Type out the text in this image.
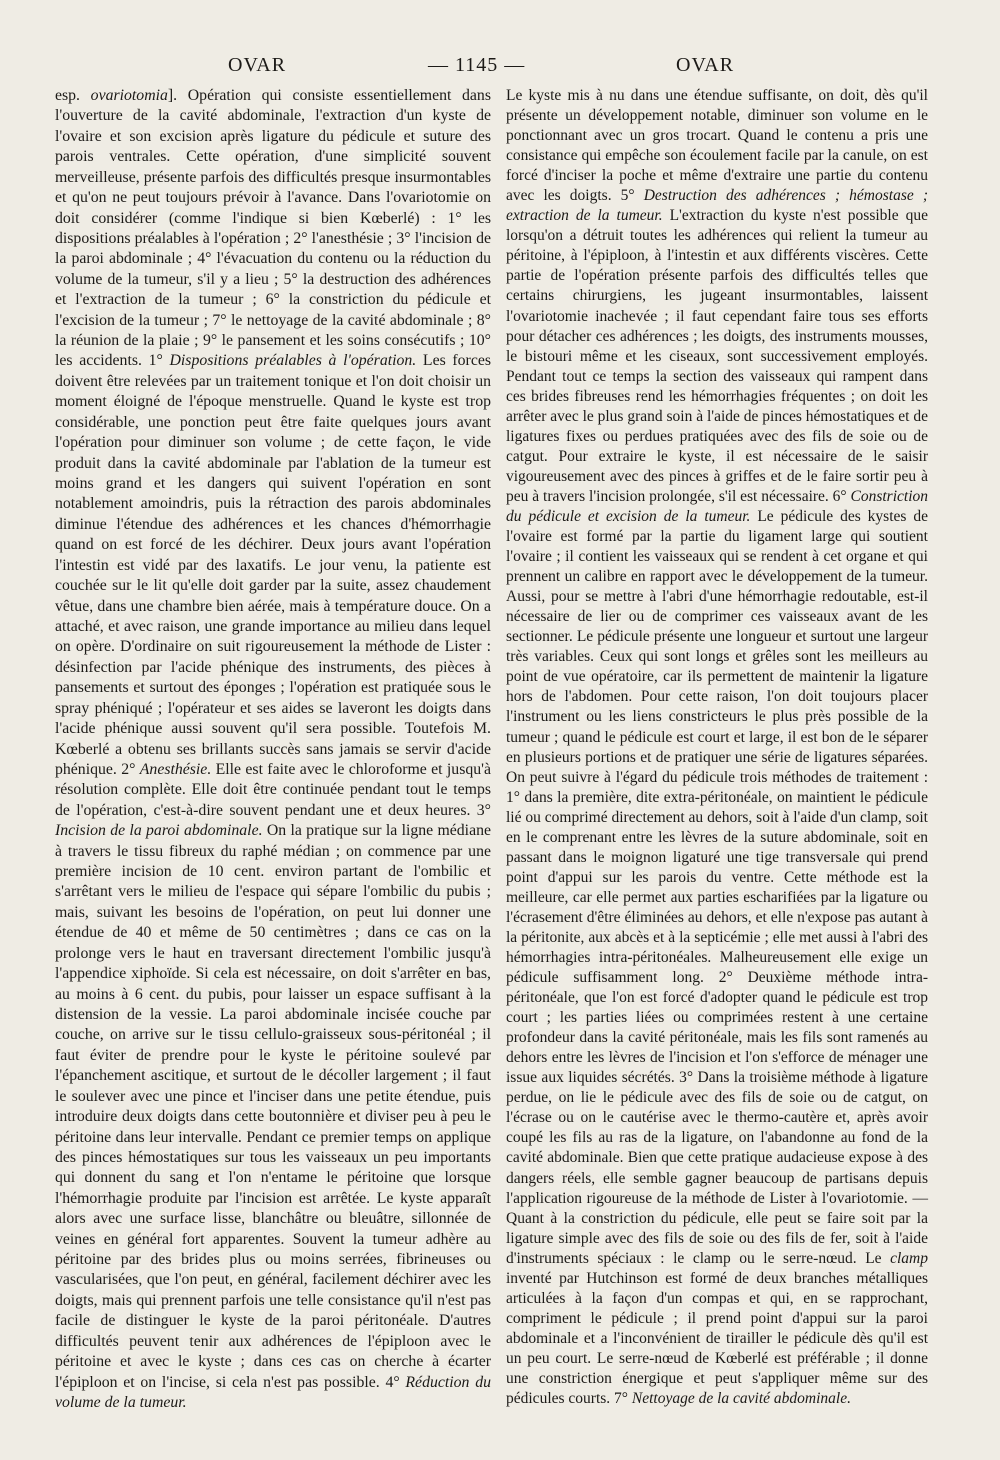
OVAR	— 1145 —	OVAR

esp. ovariotomia]. Opération qui consiste essentiellement dans l'ouverture de la cavité abdominale, l'extraction d'un kyste de l'ovaire et son excision après ligature du pédicule et suture des parois ventrales. Cette opération, d'une simplicité souvent merveilleuse, présente parfois des difficultés presque insurmontables et qu'on ne peut toujours prévoir à l'avance. Dans l'ovariotomie on doit considérer (comme l'indique si bien Kœberlé) : 1° les dispositions préalables à l'opération ; 2° l'anesthésie ; 3° l'incision de la paroi abdominale ; 4° l'évacuation du contenu ou la réduction du volume de la tumeur, s'il y a lieu ; 5° la destruction des adhérences et l'extraction de la tumeur ; 6° la constriction du pédicule et l'excision de la tumeur ; 7° le nettoyage de la cavité abdominale ; 8° la réunion de la plaie ; 9° le pansement et les soins consécutifs ; 10° les accidents. 1° Dispositions préalables à l'opération. Les forces doivent être relevées par un traitement tonique et l'on doit choisir un moment éloigné de l'époque menstruelle. Quand le kyste est trop considérable, une ponction peut être faite quelques jours avant l'opération pour diminuer son volume ; de cette façon, le vide produit dans la cavité abdominale par l'ablation de la tumeur est moins grand et les dangers qui suivent l'opération en sont notablement amoindris, puis la rétraction des parois abdominales diminue l'étendue des adhérences et les chances d'hémorrhagie quand on est forcé de les déchirer. Deux jours avant l'opération l'intestin est vidé par des laxatifs. Le jour venu, la patiente est couchée sur le lit qu'elle doit garder par la suite, assez chaudement vêtue, dans une chambre bien aérée, mais à température douce. On a attaché, et avec raison, une grande importance au milieu dans lequel on opère. D'ordinaire on suit rigoureusement la méthode de Lister : désinfection par l'acide phénique des instruments, des pièces à pansements et surtout des éponges ; l'opération est pratiquée sous le spray phéniqué ; l'opérateur et ses aides se laveront les doigts dans l'acide phénique aussi souvent qu'il sera possible. Toutefois M. Kœberlé a obtenu ses brillants succès sans jamais se servir d'acide phénique. 2° Anesthésie. Elle est faite avec le chloroforme et jusqu'à résolution complète. Elle doit être continuée pendant tout le temps de l'opération, c'est-à-dire souvent pendant une et deux heures. 3° Incision de la paroi abdominale. On la pratique sur la ligne médiane à travers le tissu fibreux du raphé médian ; on commence par une première incision de 10 cent. environ partant de l'ombilic et s'arrêtant vers le milieu de l'espace qui sépare l'ombilic du pubis ; mais, suivant les besoins de l'opération, on peut lui donner une étendue de 40 et même de 50 centimètres ; dans ce cas on la prolonge vers le haut en traversant directement l'ombilic jusqu'à l'appendice xiphoïde. Si cela est nécessaire, on doit s'arrêter en bas, au moins à 6 cent. du pubis, pour laisser un espace suffisant à la distension de la vessie. La paroi abdominale incisée couche par couche, on arrive sur le tissu cellulo-graisseux sous-péritonéal ; il faut éviter de prendre pour le kyste le péritoine soulevé par l'épanchement ascitique, et surtout de le décoller largement ; il faut le soulever avec une pince et l'inciser dans une petite étendue, puis introduire deux doigts dans cette boutonnière et diviser peu à peu le péritoine dans leur intervalle. Pendant ce premier temps on applique des pinces hémostatiques sur tous les vaisseaux un peu importants qui donnent du sang et l'on n'entame le péritoine que lorsque l'hémorrhagie produite par l'incision est arrêtée. Le kyste apparaît alors avec une surface lisse, blanchâtre ou bleuâtre, sillonnée de veines en général fort apparentes. Souvent la tumeur adhère au péritoine par des brides plus ou moins serrées, fibrineuses ou vascularisées, que l'on peut, en général, facilement déchirer avec les doigts, mais qui prennent parfois une telle consistance qu'il n'est pas facile de distinguer le kyste de la paroi péritonéale. D'autres difficultés peuvent tenir aux adhérences de l'épiploon avec le péritoine et avec le kyste ; dans ces cas on cherche à écarter l'épiploon et on l'incise, si cela n'est pas possible. 4° Réduction du volume de la tumeur.

Le kyste mis à nu dans une étendue suffisante, on doit, dès qu'il présente un développement notable, diminuer son volume en le ponctionnant avec un gros trocart. Quand le contenu a pris une consistance qui empêche son écoulement facile par la canule, on est forcé d'inciser la poche et même d'extraire une partie du contenu avec les doigts. 5° Destruction des adhérences ; hémostase ; extraction de la tumeur. L'extraction du kyste n'est possible que lorsqu'on a détruit toutes les adhérences qui relient la tumeur au péritoine, à l'épiploon, à l'intestin et aux différents viscères. Cette partie de l'opération présente parfois des difficultés telles que certains chirurgiens, les jugeant insurmontables, laissent l'ovariotomie inachevée ; il faut cependant faire tous ses efforts pour détacher ces adhérences ; les doigts, des instruments mousses, le bistouri même et les ciseaux, sont successivement employés. Pendant tout ce temps la section des vaisseaux qui rampent dans ces brides fibreuses rend les hémorrhagies fréquentes ; on doit les arrêter avec le plus grand soin à l'aide de pinces hémostatiques et de ligatures fixes ou perdues pratiquées avec des fils de soie ou de catgut. Pour extraire le kyste, il est nécessaire de le saisir vigoureusement avec des pinces à griffes et de le faire sortir peu à peu à travers l'incision prolongée, s'il est nécessaire. 6° Constriction du pédicule et excision de la tumeur. Le pédicule des kystes de l'ovaire est formé par la partie du ligament large qui soutient l'ovaire ; il contient les vaisseaux qui se rendent à cet organe et qui prennent un calibre en rapport avec le développement de la tumeur. Aussi, pour se mettre à l'abri d'une hémorrhagie redoutable, est-il nécessaire de lier ou de comprimer ces vaisseaux avant de les sectionner. Le pédicule présente une longueur et surtout une largeur très variables. Ceux qui sont longs et grêles sont les meilleurs au point de vue opératoire, car ils permettent de maintenir la ligature hors de l'abdomen. Pour cette raison, l'on doit toujours placer l'instrument ou les liens constricteurs le plus près possible de la tumeur ; quand le pédicule est court et large, il est bon de le séparer en plusieurs portions et de pratiquer une série de ligatures séparées. On peut suivre à l'égard du pédicule trois méthodes de traitement : 1° dans la première, dite extra-péritonéale, on maintient le pédicule lié ou comprimé directement au dehors, soit à l'aide d'un clamp, soit en le comprenant entre les lèvres de la suture abdominale, soit en passant dans le moignon ligaturé une tige transversale qui prend point d'appui sur les parois du ventre. Cette méthode est la meilleure, car elle permet aux parties escharifiées par la ligature ou l'écrasement d'être éliminées au dehors, et elle n'expose pas autant à la péritonite, aux abcès et à la septicémie ; elle met aussi à l'abri des hémorrhagies intra-péritonéales. Malheureusement elle exige un pédicule suffisamment long. 2° Deuxième méthode intra-péritonéale, que l'on est forcé d'adopter quand le pédicule est trop court ; les parties liées ou comprimées restent à une certaine profondeur dans la cavité péritonéale, mais les fils sont ramenés au dehors entre les lèvres de l'incision et l'on s'efforce de ménager une issue aux liquides sécrétés. 3° Dans la troisième méthode à ligature perdue, on lie le pédicule avec des fils de soie ou de catgut, on l'écrase ou on le cautérise avec le thermo-cautère et, après avoir coupé les fils au ras de la ligature, on l'abandonne au fond de la cavité abdominale. Bien que cette pratique audacieuse expose à des dangers réels, elle semble gagner beaucoup de partisans depuis l'application rigoureuse de la méthode de Lister à l'ovariotomie. — Quant à la constriction du pédicule, elle peut se faire soit par la ligature simple avec des fils de soie ou des fils de fer, soit à l'aide d'instruments spéciaux : le clamp ou le serre-nœud. Le clamp inventé par Hutchinson est formé de deux branches métalliques articulées à la façon d'un compas et qui, en se rapprochant, compriment le pédicule ; il prend point d'appui sur la paroi abdominale et a l'inconvénient de tirailler le pédicule dès qu'il est un peu court. Le serre-nœud de Kœberlé est préférable ; il donne une constriction énergique et peut s'appliquer même sur des pédicules courts. 7° Nettoyage de la cavité abdominale.
